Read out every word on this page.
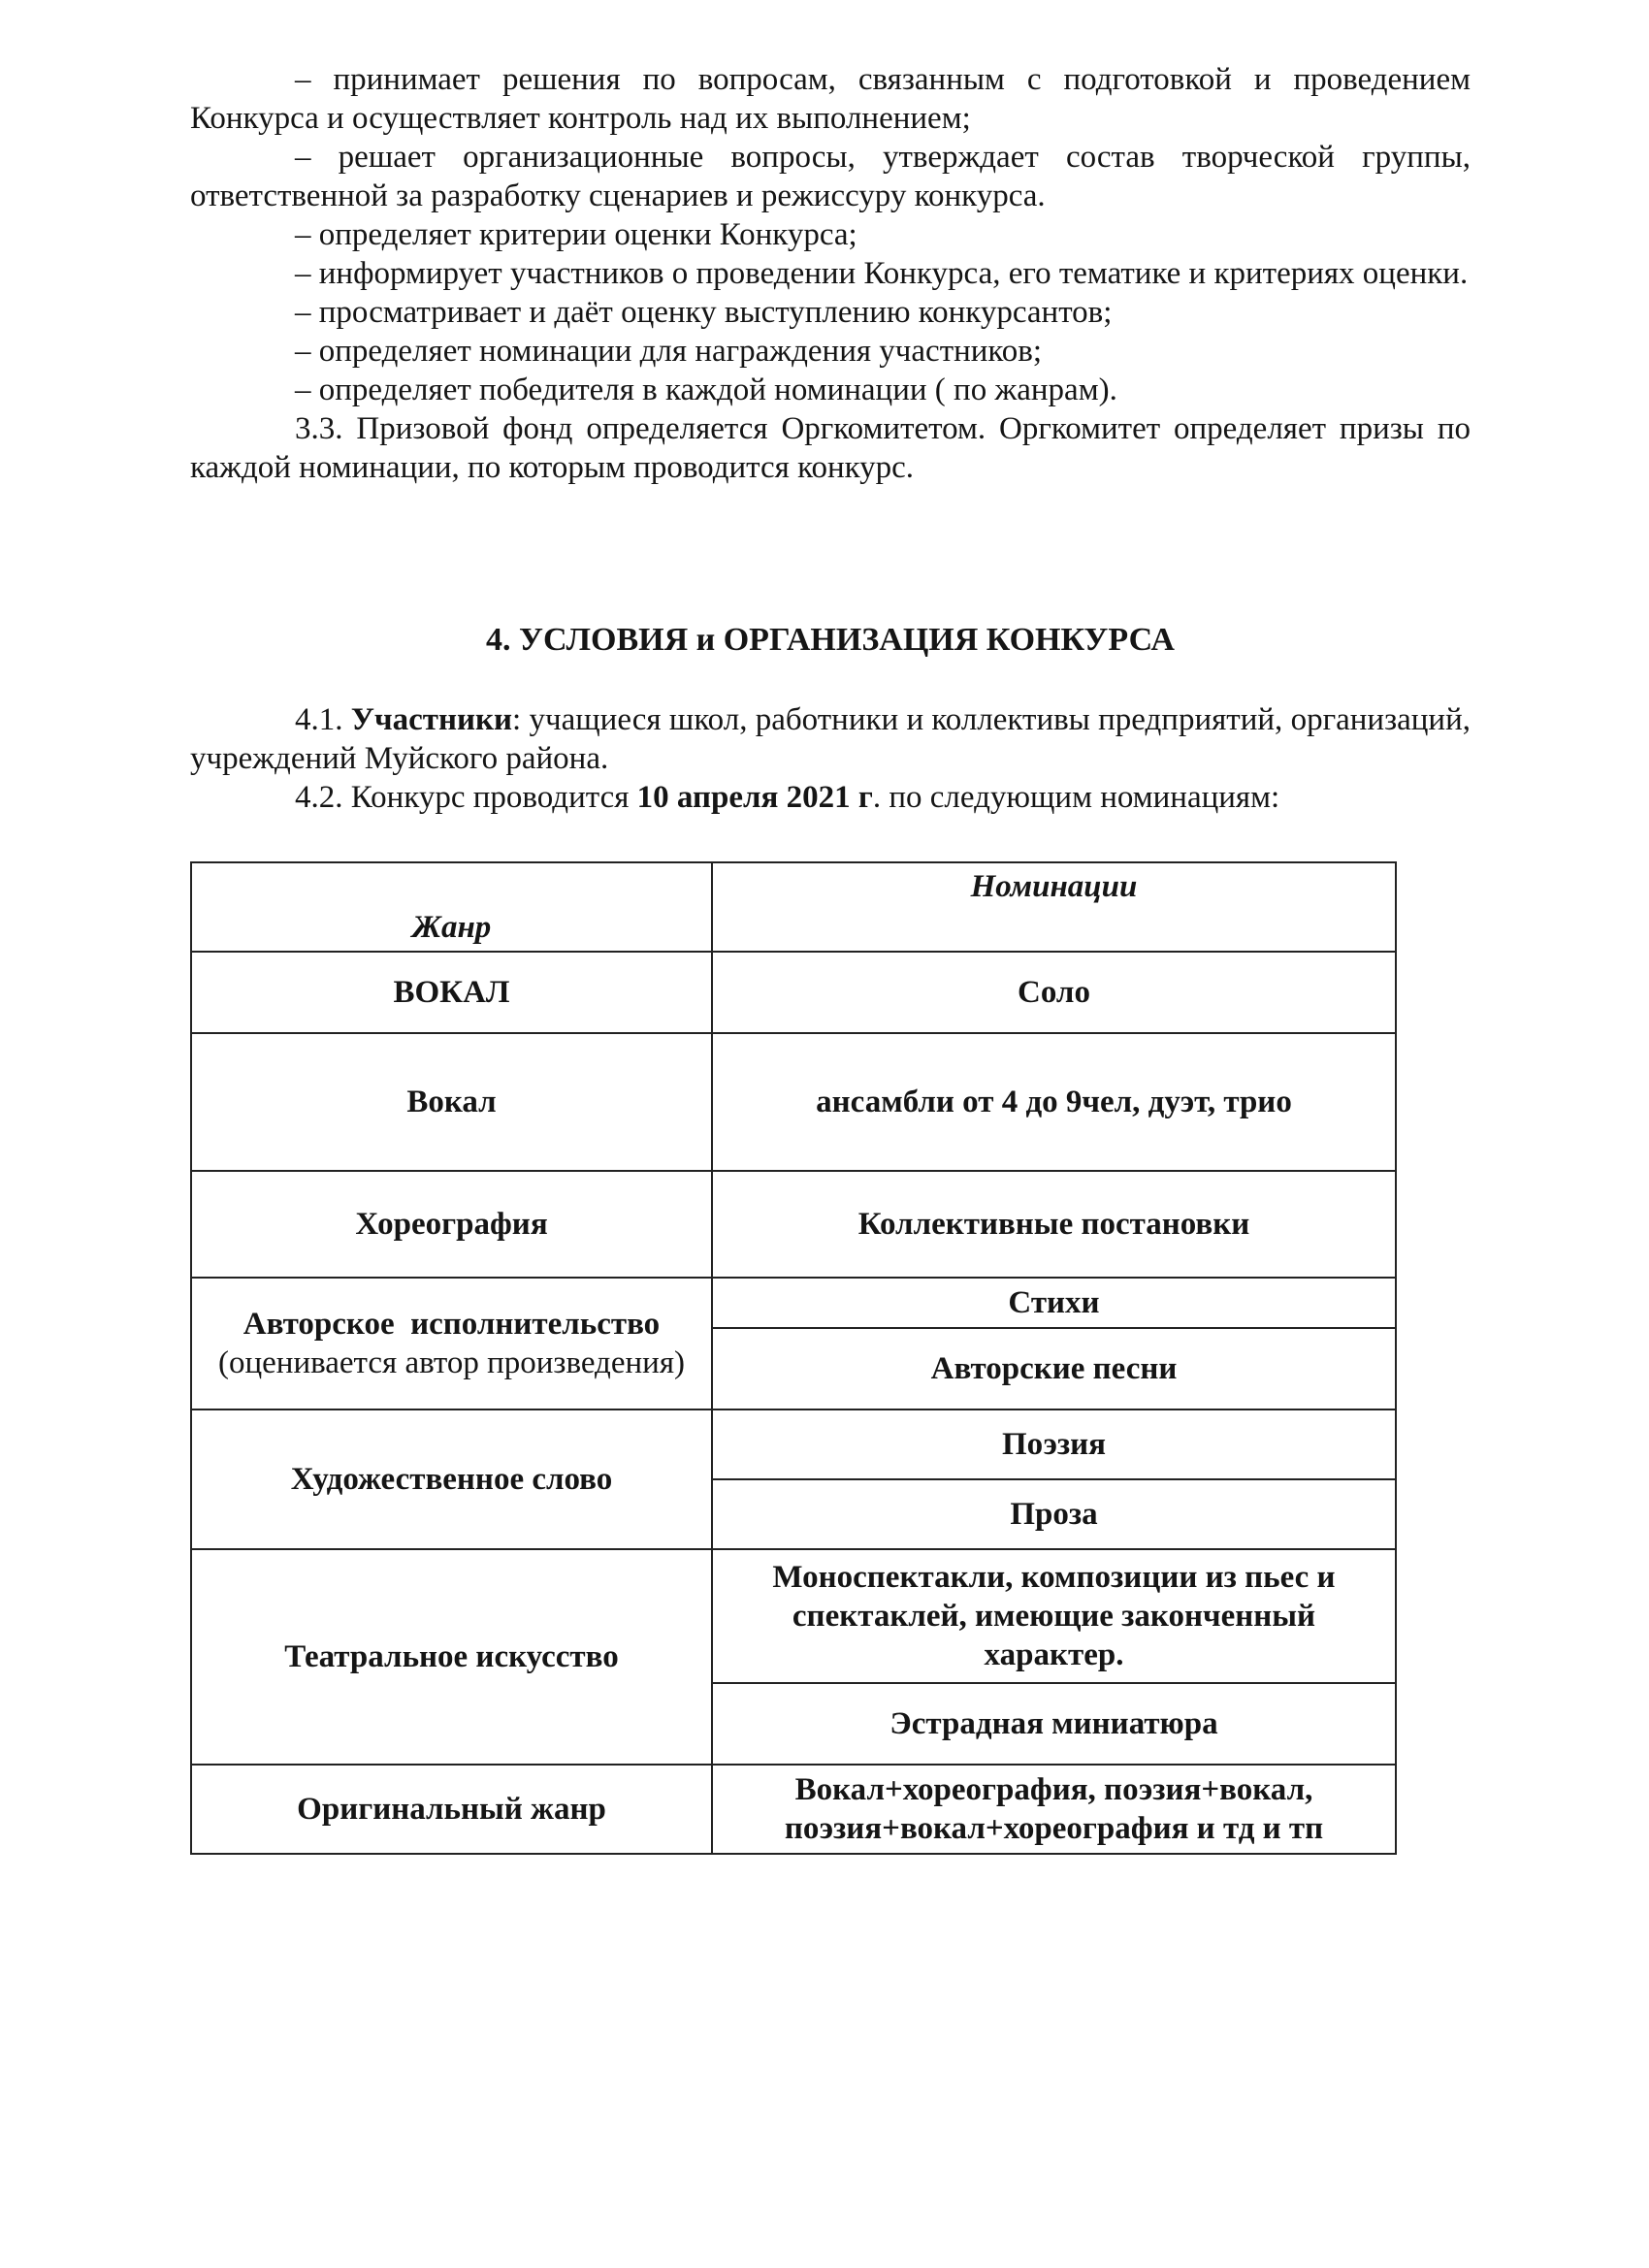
– принимает решения по вопросам, связанным с подготовкой и проведением Конкурса и осуществляет контроль над их выполнением;

– решает организационные вопросы, утверждает состав творческой группы, ответственной за разработку сценариев и режиссуру конкурса.

– определяет критерии оценки Конкурса;

– информирует участников о проведении Конкурса, его тематике и критериях оценки.

– просматривает и даёт оценку выступлению конкурсантов;

– определяет номинации для награждения участников;

– определяет победителя в каждой номинации ( по жанрам).

3.3. Призовой фонд определяется Оргкомитетом. Оргкомитет определяет призы по каждой номинации, по которым проводится конкурс.

4. УСЛОВИЯ и ОРГАНИЗАЦИЯ КОНКУРСА

4.1. Участники: учащиеся школ, работники и коллективы предприятий, организаций, учреждений Муйского района.

4.2. Конкурс проводится 10 апреля 2021 г. по следующим номинациям:

Жанр	Номинации
ВОКАЛ	Соло
Вокал	ансамбли от 4 до 9чел, дуэт, трио
Хореография	Коллективные постановки
Авторское  исполнительство
(оценивается автор произведения)	Стихи
	Авторские песни
Художественное слово	Поэзия
	Проза
Театральное искусство	Моноспектакли, композиции из пьес и спектаклей, имеющие законченный характер.
	Эстрадная миниатюра
Оригинальный жанр	Вокал+хореография, поэзия+вокал, поэзия+вокал+хореография и тд и тп
